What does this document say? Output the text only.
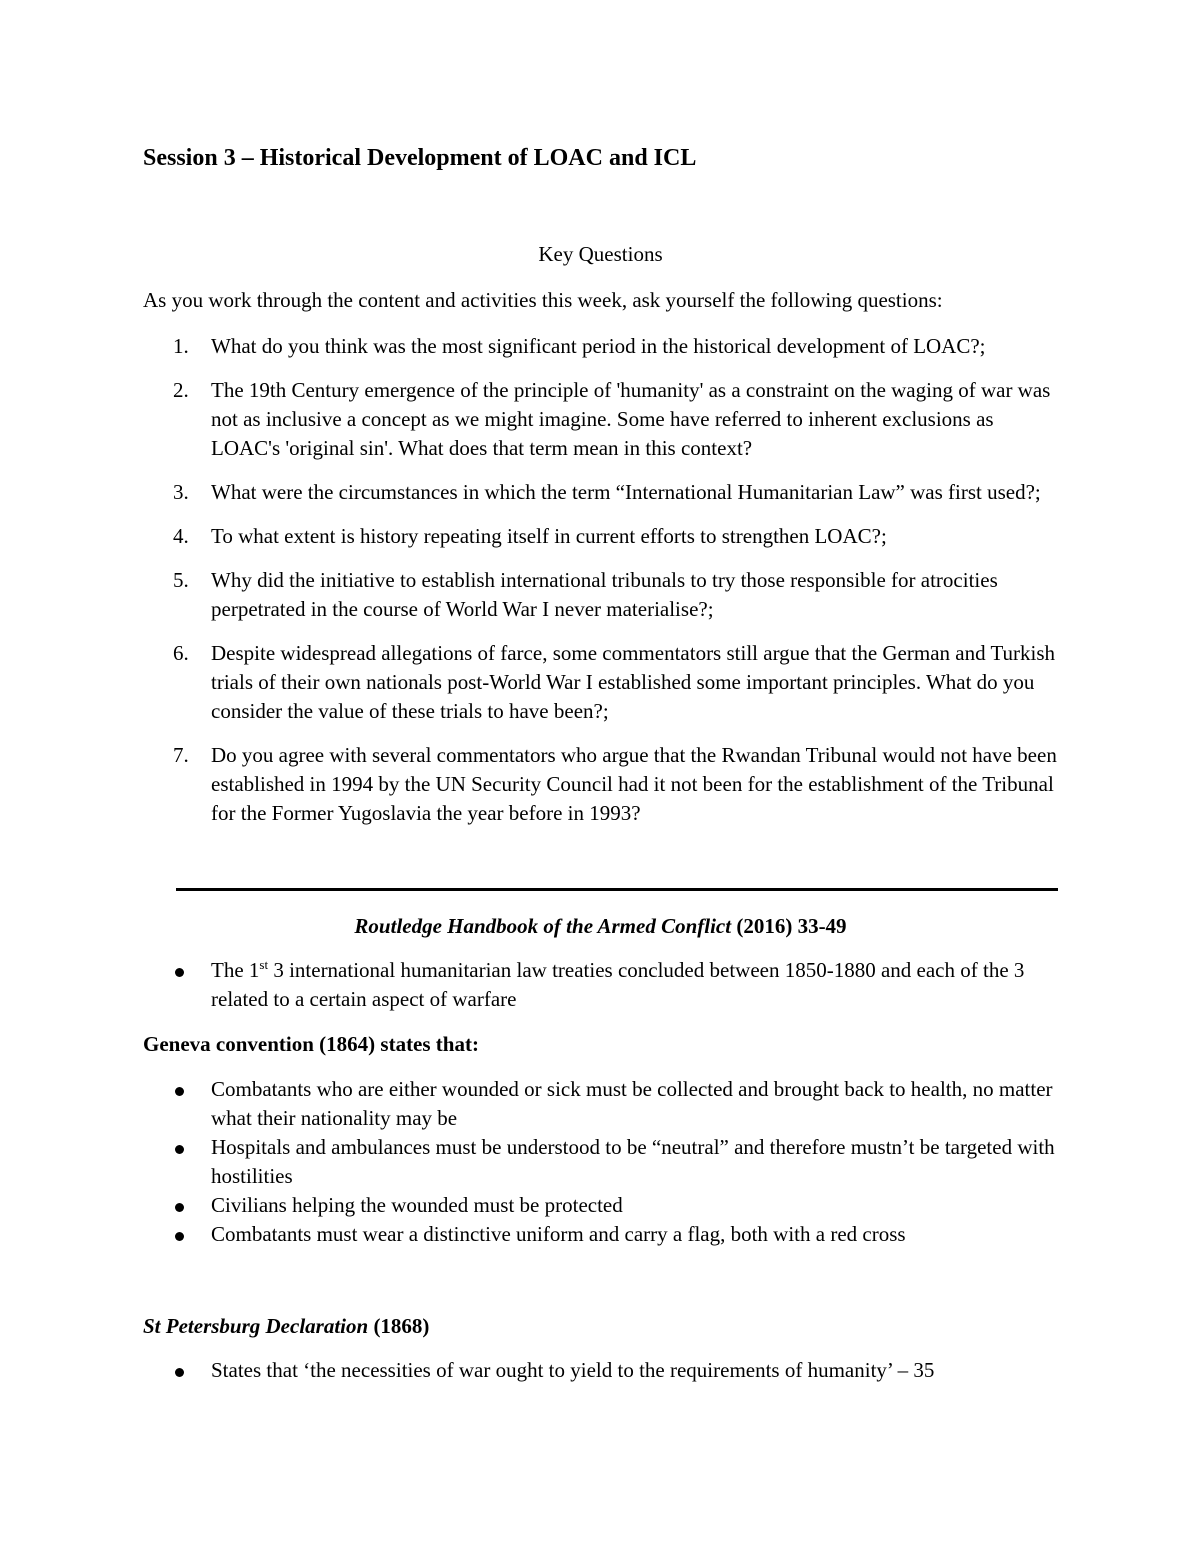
Session 3 – Historical Development of LOAC and ICL
Key Questions
As you work through the content and activities this week, ask yourself the following questions:
1. What do you think was the most significant period in the historical development of LOAC?;
2. The 19th Century emergence of the principle of 'humanity' as a constraint on the waging of war was not as inclusive a concept as we might imagine. Some have referred to inherent exclusions as LOAC's 'original sin'. What does that term mean in this context?
3. What were the circumstances in which the term “International Humanitarian Law” was first used?;
4. To what extent is history repeating itself in current efforts to strengthen LOAC?;
5. Why did the initiative to establish international tribunals to try those responsible for atrocities perpetrated in the course of World War I never materialise?;
6. Despite widespread allegations of farce, some commentators still argue that the German and Turkish trials of their own nationals post-World War I established some important principles. What do you consider the value of these trials to have been?;
7. Do you agree with several commentators who argue that the Rwandan Tribunal would not have been established in 1994 by the UN Security Council had it not been for the establishment of the Tribunal for the Former Yugoslavia the year before in 1993?
Routledge Handbook of the Armed Conflict (2016) 33-49
The 1st 3 international humanitarian law treaties concluded between 1850-1880 and each of the 3 related to a certain aspect of warfare
Geneva convention (1864) states that:
Combatants who are either wounded or sick must be collected and brought back to health, no matter what their nationality may be
Hospitals and ambulances must be understood to be “neutral” and therefore mustn’t be targeted with hostilities
Civilians helping the wounded must be protected
Combatants must wear a distinctive uniform and carry a flag, both with a red cross
St Petersburg Declaration (1868)
States that ‘the necessities of war ought to yield to the requirements of humanity’ – 35
